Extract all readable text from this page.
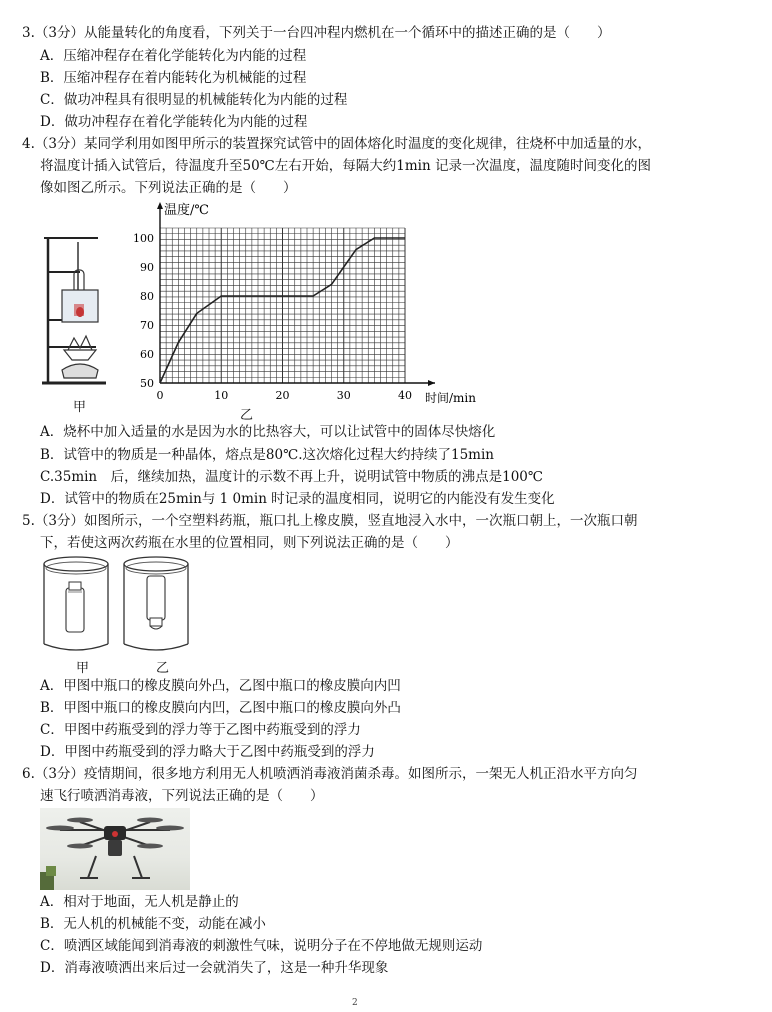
3.（3分）从能量转化的角度看，下列关于一台四冲程内燃机在一个循环中的描述正确的是（　　）
A．压缩冲程存在着化学能转化为内能的过程
B．压缩冲程存在着内能转化为机械能的过程
C．做功冲程具有很明显的机械能转化为内能的过程
D．做功冲程存在着化学能转化为内能的过程
4.（3分）某同学利用如图甲所示的装置探究试管中的固体熔化时温度的变化规律，往烧杯中加适量的水，
将温度计插入试管后，待温度升至50℃左右开始，每隔大约1min 记录一次温度，温度随时间变化的图
像如图乙所示。下列说法正确的是（　　）
甲
0	10	20	30	40
50
60
70
80
90
100
温度/℃
时间/min
乙
A．烧杯中加入适量的水是因为水的比热容大，可以让试管中的固体尽快熔化
B．试管中的物质是一种晶体，熔点是80℃.这次熔化过程大约持续了15min
C.35min　后，继续加热，温度计的示数不再上升，说明试管中物质的沸点是100℃
D．试管中的物质在25min与 1 0min 时记录的温度相同，说明它的内能没有发生变化
5.（3分）如图所示，一个空塑料药瓶，瓶口扎上橡皮膜，竖直地浸入水中，一次瓶口朝上，一次瓶口朝
下，若使这两次药瓶在水里的位置相同，则下列说法正确的是（　　）
甲	乙
A．甲图中瓶口的橡皮膜向外凸，乙图中瓶口的橡皮膜向内凹
B．甲图中瓶口的橡皮膜向内凹，乙图中瓶口的橡皮膜向外凸
C．甲图中药瓶受到的浮力等于乙图中药瓶受到的浮力
D．甲图中药瓶受到的浮力略大于乙图中药瓶受到的浮力
6.（3分）疫情期间，很多地方利用无人机喷洒消毒液消菌杀毒。如图所示，一架无人机正沿水平方向匀
速飞行喷洒消毒液，下列说法正确的是（　　）
A．相对于地面，无人机是静止的
B．无人机的机械能不变，动能在减小
C．喷洒区域能闻到消毒液的刺激性气味，说明分子在不停地做无规则运动
D．消毒液喷洒出来后过一会就消失了，这是一种升华现象
2
